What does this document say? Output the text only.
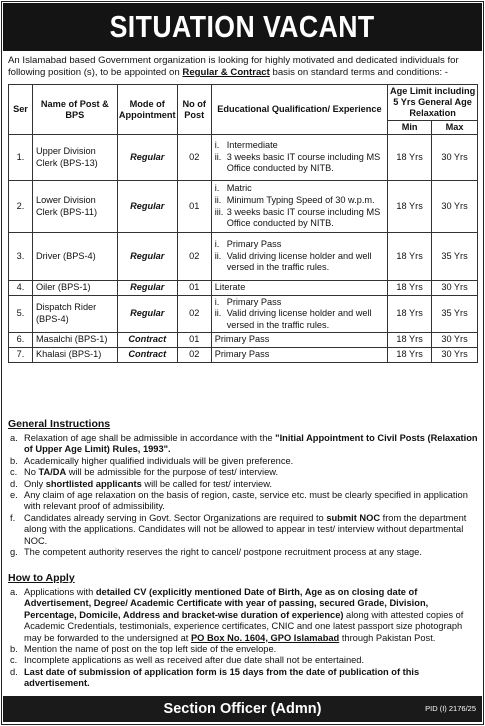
SITUATION VACANT

An Islamabad based Government organization is looking for highly motivated and dedicated individuals for following position (s), to be appointed on Regular & Contract basis on standard terms and conditions: -

Ser	Name of Post & BPS	Mode of Appointment	No of Post	Educational Qualification/ Experience	Age Limit including 5 Yrs General Age Relaxation	
					Min	Max
1.	Upper Division Clerk (BPS-13)	Regular	02	i. Intermediate
ii. 3 weeks basic IT course including MS Office conducted by NITB.	18 Yrs	30 Yrs
2.	Lower Division Clerk (BPS-11)	Regular	01	i. Matric
ii. Minimum Typing Speed of 30 w.p.m.
iii. 3 weeks basic IT course including MS Office conducted by NITB.	18 Yrs	30 Yrs
3.	Driver (BPS-4)	Regular	02	i. Primary Pass
ii. Valid driving license holder and well versed in the traffic rules.	18 Yrs	35 Yrs
4.	Oiler (BPS-1)	Regular	01	Literate	18 Yrs	30 Yrs
5.	Dispatch Rider (BPS-4)	Regular	02	i. Primary Pass
ii. Valid driving license holder and well versed in the traffic rules.	18 Yrs	35 Yrs
6.	Masalchi (BPS-1)	Contract	01	Primary Pass	18 Yrs	30 Yrs
7.	Khalasi (BPS-1)	Contract	02	Primary Pass	18 Yrs	30 Yrs
General Instructions
a. Relaxation of age shall be admissible in accordance with the "Initial Appointment to Civil Posts (Relaxation of Upper Age Limit) Rules, 1993".
b. Academically higher qualified individuals will be given preference.
c. No TA/DA will be admissible for the purpose of test/ interview.
d. Only shortlisted applicants will be called for test/ interview.
e. Any claim of age relaxation on the basis of region, caste, service etc. must be clearly specified in application with relevant proof of admissibility.
f. Candidates already serving in Govt. Sector Organizations are required to submit NOC from the department along with the applications. Candidates will not be allowed to appear in test/ interview without departmental NOC.
g. The competent authority reserves the right to cancel/ postpone recruitment process at any stage.
How to Apply
a. Applications with detailed CV (explicitly mentioned Date of Birth, Age as on closing date of Advertisement, Degree/ Academic Certificate with year of passing, secured Grade, Division, Percentage, Domicile, Address and bracket-wise duration of experience) along with attested copies of Academic Credentials, testimonials, experience certificates, CNIC and one latest passport size photograph may be forwarded to the undersigned at PO Box No. 1604, GPO Islamabad through Pakistan Post.
b. Mention the name of post on the top left side of the envelope.
c. Incomplete applications as well as received after due date shall not be entertained.
d. Last date of submission of application form is 15 days from the date of publication of this advertisement.
Section Officer (Admn)	PID (I) 2176/25
